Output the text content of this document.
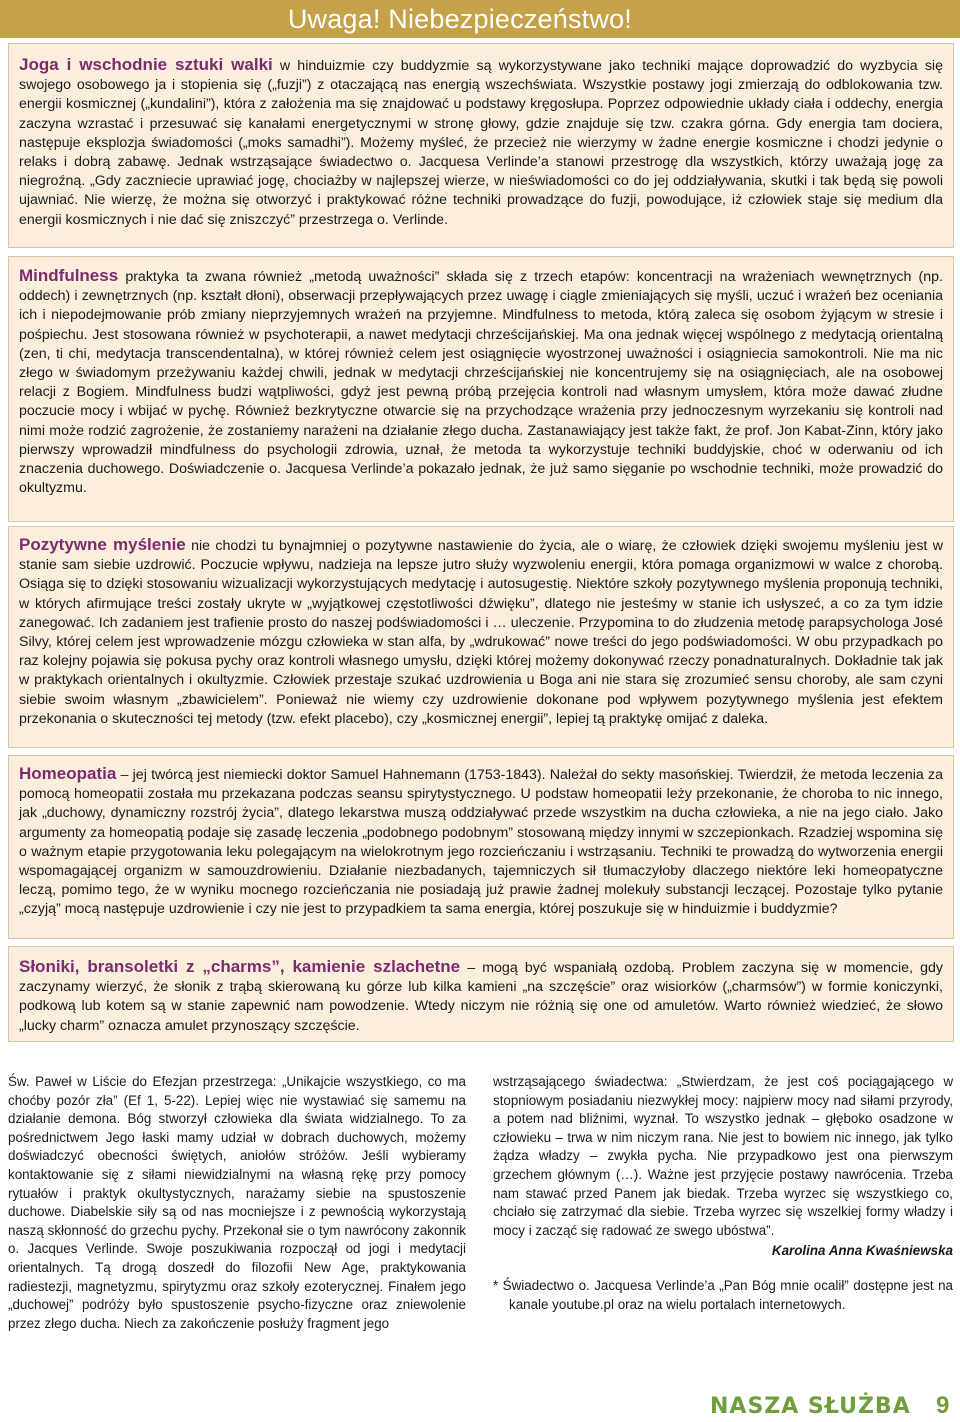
Uwaga! Niebezpieczeństwo!

Joga i wschodnie sztuki walki w hinduizmie czy buddyzmie są wykorzystywane jako techniki mające doprowadzić do wyzbycia się swojego osobowego ja i stopienia się („fuzji”) z otaczającą nas energią wszechświata. Wszystkie postawy jogi zmierzają do odblokowania tzw. energii kosmicznej („kundalini”), która z założenia ma się znajdować u podstawy kręgosłupa. Poprzez odpowiednie układy ciała i oddechy, energia zaczyna wzrastać i przesuwać się kanałami energetycznymi w stronę głowy, gdzie znajduje się tzw. czakra górna. Gdy energia tam dociera, następuje eksplozja świadomości („moks samadhi”). Możemy myśleć, że przecież nie wierzymy w żadne energie kosmiczne i chodzi jedynie o relaks i dobrą zabawę. Jednak wstrząsające świadectwo o. Jacquesa Verlinde’a stanowi przestrogę dla wszystkich, którzy uważają jogę za niegroźną. „Gdy zaczniecie uprawiać jogę, chociażby w najlepszej wierze, w nieświadomości co do jej oddziaływania, skutki i tak będą się powoli ujawniać. Nie wierzę, że można się otworzyć i praktykować różne techniki prowadzące do fuzji, powodujące, iż człowiek staje się medium dla energii kosmicznych i nie dać się zniszczyć” przestrzega o. Verlinde.

Mindfulness praktyka ta zwana również „metodą uważności” składa się z trzech etapów: koncentracji na wrażeniach wewnętrznych (np. oddech) i zewnętrznych (np. kształt dłoni), obserwacji przepływających przez uwagę i ciągle zmieniających się myśli, uczuć i wrażeń bez oceniania ich i niepodejmowanie prób zmiany nieprzyjemnych wrażeń na przyjemne. Mindfulness to metoda, którą zaleca się osobom żyjącym w stresie i pośpiechu. Jest stosowana również w psychoterapii, a nawet medytacji chrześcijańskiej. Ma ona jednak więcej wspólnego z medytacją orientalną (zen, ti chi, medytacja transcendentalna), w której również celem jest osiągnięcie wyostrzonej uważności i osiągniecia samokontroli. Nie ma nic złego w świadomym przeżywaniu każdej chwili, jednak w medytacji chrześcijańskiej nie koncentrujemy się na osiągnięciach, ale na osobowej relacji z Bogiem. Mindfulness budzi wątpliwości, gdyż jest pewną próbą przejęcia kontroli nad własnym umysłem, która może dawać złudne poczucie mocy i wbijać w pychę. Również bezkrytyczne otwarcie się na przychodzące wrażenia przy jednoczesnym wyrzekaniu się kontroli nad nimi może rodzić zagrożenie, że zostaniemy narażeni na działanie złego ducha. Zastanawiający jest także fakt, że prof. Jon Kabat-Zinn, który jako pierwszy wprowadził mindfulness do psychologii zdrowia, uznał, że metoda ta wykorzystuje techniki buddyjskie, choć w oderwaniu od ich znaczenia duchowego. Doświadczenie o. Jacquesa Verlinde’a pokazało jednak, że już samo sięganie po wschodnie techniki, może prowadzić do okultyzmu.

Pozytywne myślenie nie chodzi tu bynajmniej o pozytywne nastawienie do życia, ale o wiarę, że człowiek dzięki swojemu myśleniu jest w stanie sam siebie uzdrowić. Poczucie wpływu, nadzieja na lepsze jutro służy wyzwoleniu energii, która pomaga organizmowi w walce z chorobą. Osiąga się to dzięki stosowaniu wizualizacji wykorzystujących medytację i autosugestię. Niektóre szkoły pozytywnego myślenia proponują techniki, w których afirmujące treści zostały ukryte w „wyjątkowej częstotliwości dźwięku”, dlatego nie jesteśmy w stanie ich usłyszeć, a co za tym idzie zanegować. Ich zadaniem jest trafienie prosto do naszej podświadomości i … uleczenie. Przypomina to do złudzenia metodę parapsychologa José Silvy, której celem jest wprowadzenie mózgu człowieka w stan alfa, by „wdrukować” nowe treści do jego podświadomości. W obu przypadkach po raz kolejny pojawia się pokusa pychy oraz kontroli własnego umysłu, dzięki której możemy dokonywać rzeczy ponadnaturalnych. Dokładnie tak jak w praktykach orientalnych i okultyzmie. Człowiek przestaje szukać uzdrowienia u Boga ani nie stara się zrozumieć sensu choroby, ale sam czyni siebie swoim własnym „zbawicielem”. Ponieważ nie wiemy czy uzdrowienie dokonane pod wpływem pozytywnego myślenia jest efektem przekonania o skuteczności tej metody (tzw. efekt placebo), czy „kosmicznej energii”, lepiej tą praktykę omijać z daleka.

Homeopatia – jej twórcą jest niemiecki doktor Samuel Hahnemann (1753-1843). Należał do sekty masońskiej. Twierdził, że metoda leczenia za pomocą homeopatii została mu przekazana podczas seansu spirytystycznego. U podstaw homeopatii leży przekonanie, że choroba to nic innego, jak „duchowy, dynamiczny rozstrój życia”, dlatego lekarstwa muszą oddziaływać przede wszystkim na ducha człowieka, a nie na jego ciało. Jako argumenty za homeopatią podaje się zasadę leczenia „podobnego podobnym” stosowaną między innymi w szczepionkach. Rzadziej wspomina się o ważnym etapie przygotowania leku polegającym na wielokrotnym jego rozcieńczaniu i wstrząsaniu. Techniki te prowadzą do wytworzenia energii wspomagającej organizm w samouzdrowieniu. Działanie niezbadanych, tajemniczych sił tłumaczyłoby dlaczego niektóre leki homeopatyczne leczą, pomimo tego, że w wyniku mocnego rozcieńczania nie posiadają już prawie żadnej molekuły substancji leczącej. Pozostaje tylko pytanie „czyją” mocą następuje uzdrowienie i czy nie jest to przypadkiem ta sama energia, której poszukuje się w hinduizmie i buddyzmie?

Słoniki, bransoletki z „charms”, kamienie szlachetne – mogą być wspaniałą ozdobą. Problem zaczyna się w momencie, gdy zaczynamy wierzyć, że słonik z trąbą skierowaną ku górze lub kilka kamieni „na szczęście” oraz wisiorków („charmsów”) w formie koniczynki, podkową lub kotem są w stanie zapewnić nam powodzenie. Wtedy niczym nie różnią się one od amuletów. Warto również wiedzieć, że słowo „lucky charm” oznacza amulet przynoszący szczęście.

Św. Paweł w Liście do Efezjan przestrzega: „Unikajcie wszystkiego, co ma choćby pozór zła” (Ef 1, 5-22). Lepiej więc nie wystawiać się samemu na działanie demona. Bóg stworzył człowieka dla świata widzialnego. To za pośrednictwem Jego łaski mamy udział w dobrach duchowych, możemy doświadczyć obecności świętych, aniołów stróżów. Jeśli wybieramy kontaktowanie się z siłami niewidzialnymi na własną rękę przy pomocy rytuałów i praktyk okultystycznych, narażamy siebie na spustoszenie duchowe. Diabelskie siły są od nas mocniejsze i z pewnością wykorzystają naszą skłonność do grzechu pychy. Przekonał sie o tym nawrócony zakonnik o. Jacques Verlinde. Swoje poszukiwania rozpoczął od jogi i medytacji orientalnych. Tą drogą doszedł do filozofii New Age, praktykowania radiestezji, magnetyzmu, spirytyzmu oraz szkoły ezoterycznej. Finałem jego „duchowej” podróży było spustoszenie psycho-fizyczne oraz zniewolenie przez złego ducha. Niech za zakończenie posłuży fragment jego

wstrząsającego świadectwa: „Stwierdzam, że jest coś pociągającego w stopniowym posiadaniu niezwykłej mocy: najpierw mocy nad siłami przyrody, a potem nad bliźnimi, wyznał. To wszystko jednak – głęboko osadzone w człowieku – trwa w nim niczym rana. Nie jest to bowiem nic innego, jak tylko żądza władzy – zwykła pycha. Nie przypadkowo jest ona pierwszym grzechem głównym (…). Ważne jest przyjęcie postawy nawrócenia. Trzeba nam stawać przed Panem jak biedak. Trzeba wyrzec się wszystkiego co, chciało się zatrzymać dla siebie. Trzeba wyrzec się wszelkiej formy władzy i mocy i zacząć się radować ze swego ubóstwa”.

Karolina Anna Kwaśniewska

* Świadectwo o. Jacquesa Verlinde’a „Pan Bóg mnie ocalił” dostępne jest na kanale youtube.pl oraz na wielu portalach internetowych.

NASZA SŁUŻBA 9
